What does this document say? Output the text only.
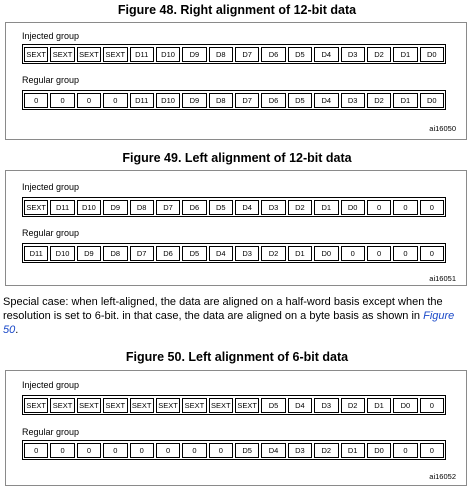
Figure 48. Right alignment of 12-bit data
Injected group
SEXT SEXT SEXT SEXT	D11	D10	D9	D8	D7	D6	D5	D4	D3	D2	D1	D0
Regular group
0	0	0	0	D11	D10	D9	D8	D7	D6	D5	D4	D3	D2	D1	D0
ai16050
Figure 49. Left alignment of 12-bit data
Injected group
SEXT	D11	D10	D9	D8	D7	D6	D5	D4	D3	D2	D1	D0	0	0	0
Regular group
D11	D10	D9	D8	D7	D6	D5	D4	D3	D2	D1	D0	0	0	0	0
ai16051
Special case: when left-aligned, the data are aligned on a half-word basis except when the resolution is set to 6-bit. in that case, the data are aligned on a byte basis as shown in Figure 50.
Figure 50. Left alignment of 6-bit data
Injected group
SEXT SEXT SEXT SEXT SEXT SEXT SEXT SEXT SEXT	D5	D4	D3	D2	D1	D0	0
Regular group
0	0	0	0	0	0	0	0	D5	D4	D3	D2	D1	D0	0	0
ai16052
